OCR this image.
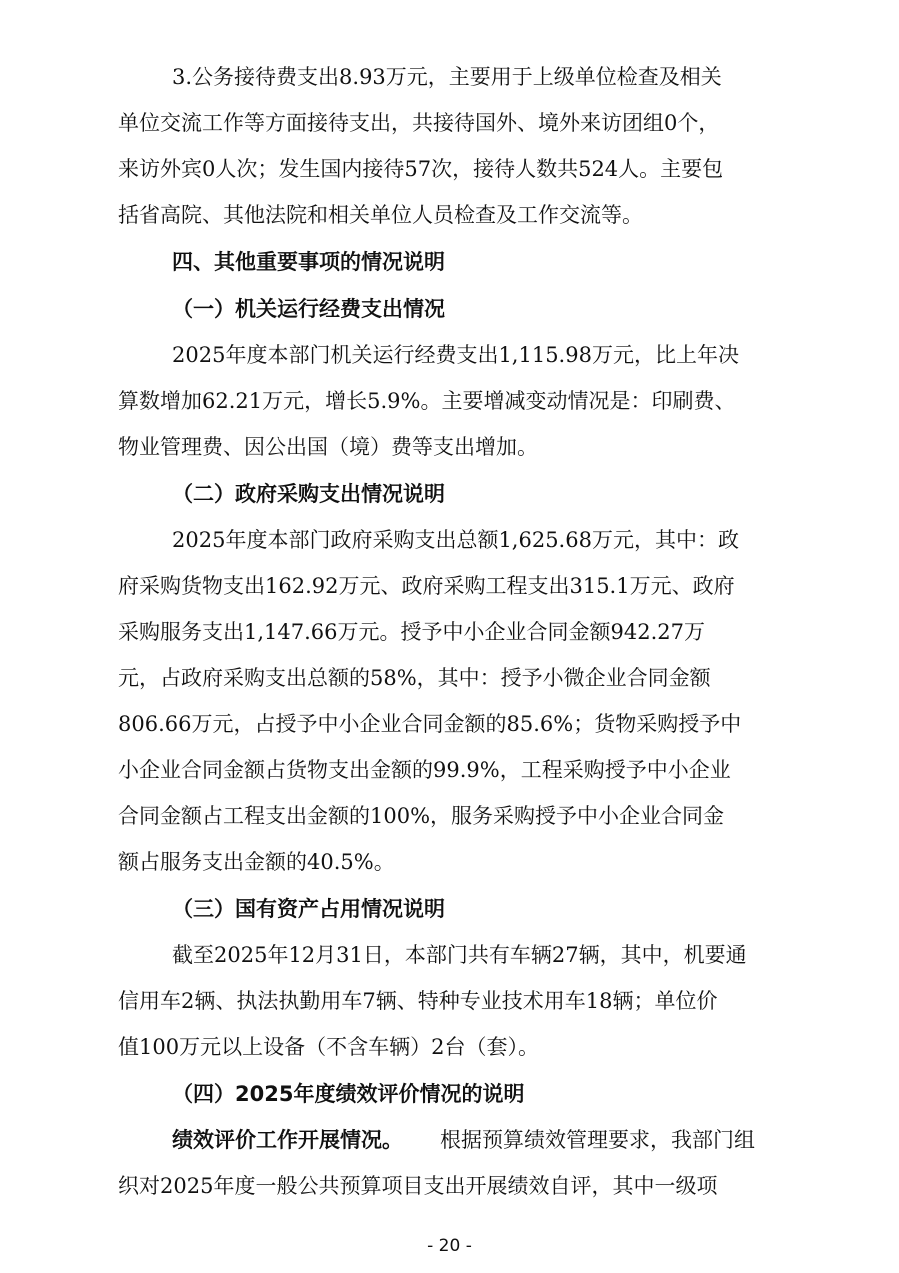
3.公务接待费支出8.93万元，主要用于上级单位检查及相关
单位交流工作等方面接待支出，共接待国外、境外来访团组0个，
来访外宾0人次；发生国内接待57次，接待人数共524人。主要包
括省高院、其他法院和相关单位人员检查及工作交流等。
四、其他重要事项的情况说明
（一）机关运行经费支出情况
2025年度本部门机关运行经费支出1,115.98万元，比上年决
算数增加62.21万元，增长5.9%。主要增减变动情况是：印刷费、
物业管理费、因公出国（境）费等支出增加。
（二）政府采购支出情况说明
2025年度本部门政府采购支出总额1,625.68万元，其中：政
府采购货物支出162.92万元、政府采购工程支出315.1万元、政府
采购服务支出1,147.66万元。授予中小企业合同金额942.27万
元，占政府采购支出总额的58%，其中：授予小微企业合同金额
806.66万元，占授予中小企业合同金额的85.6%；货物采购授予中
小企业合同金额占货物支出金额的99.9%，工程采购授予中小企业
合同金额占工程支出金额的100%，服务采购授予中小企业合同金
额占服务支出金额的40.5%。
（三）国有资产占用情况说明
截至2025年12月31日，本部门共有车辆27辆，其中，机要通
信用车2辆、执法执勤用车7辆、特种专业技术用车18辆；单位价
值100万元以上设备（不含车辆）2台（套）。
（四）2025年度绩效评价情况的说明
绩效评价工作开展情况。 根据预算绩效管理要求，我部门组
织对2025年度一般公共预算项目支出开展绩效自评，其中一级项
- 20 -
